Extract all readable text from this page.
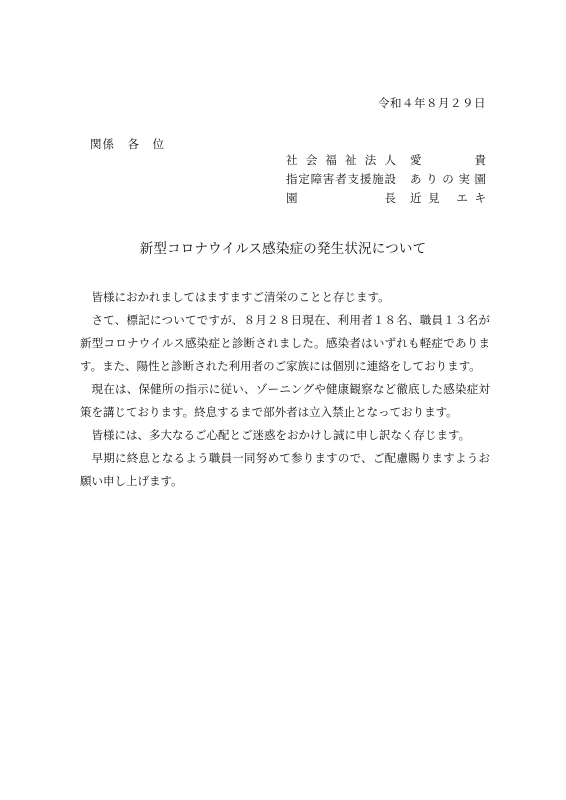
令和４年８月２９日
関係　各　位
社会福祉法人 愛 貴
指定障害者支援施設 ありの実園
園 長 近見 エキ
新型コロナウイルス感染症の発生状況について

皆様におかれましてはますますご清栄のことと存じます。

さて、標記についてですが、８月２８日現在、利用者１８名、職員１３名が新型コロナウイルス感染症と診断されました。感染者はいずれも軽症であります。また、陽性と診断された利用者のご家族には個別に連絡をしております。

現在は、保健所の指示に従い、ゾーニングや健康観察など徹底した感染症対策を講じております。終息するまで部外者は立入禁止となっております。

皆様には、多大なるご心配とご迷惑をおかけし誠に申し訳なく存じます。

早期に終息となるよう職員一同努めて参りますので、ご配慮賜りますようお願い申し上げます。
